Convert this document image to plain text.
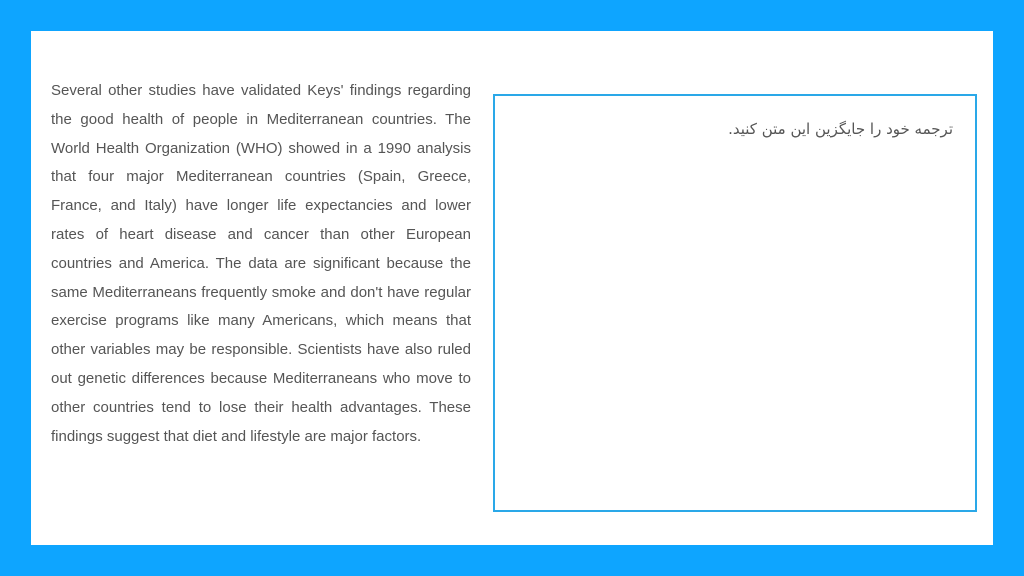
Several other studies have validated Keys' findings regarding the good health of people in Mediterranean countries. The World Health Organization (WHO) showed in a 1990 analysis that four major Mediterranean countries (Spain, Greece, France, and Italy) have longer life expectancies and lower rates of heart disease and cancer than other European countries and America. The data are significant because the same Mediterraneans frequently smoke and don't have regular exercise programs like many Americans, which means that other variables may be responsible. Scientists have also ruled out genetic differences because Mediterraneans who move to other countries tend to lose their health advantages. These findings suggest that diet and lifestyle are major factors.

ترجمه خود را جایگزین این متن کنید.
